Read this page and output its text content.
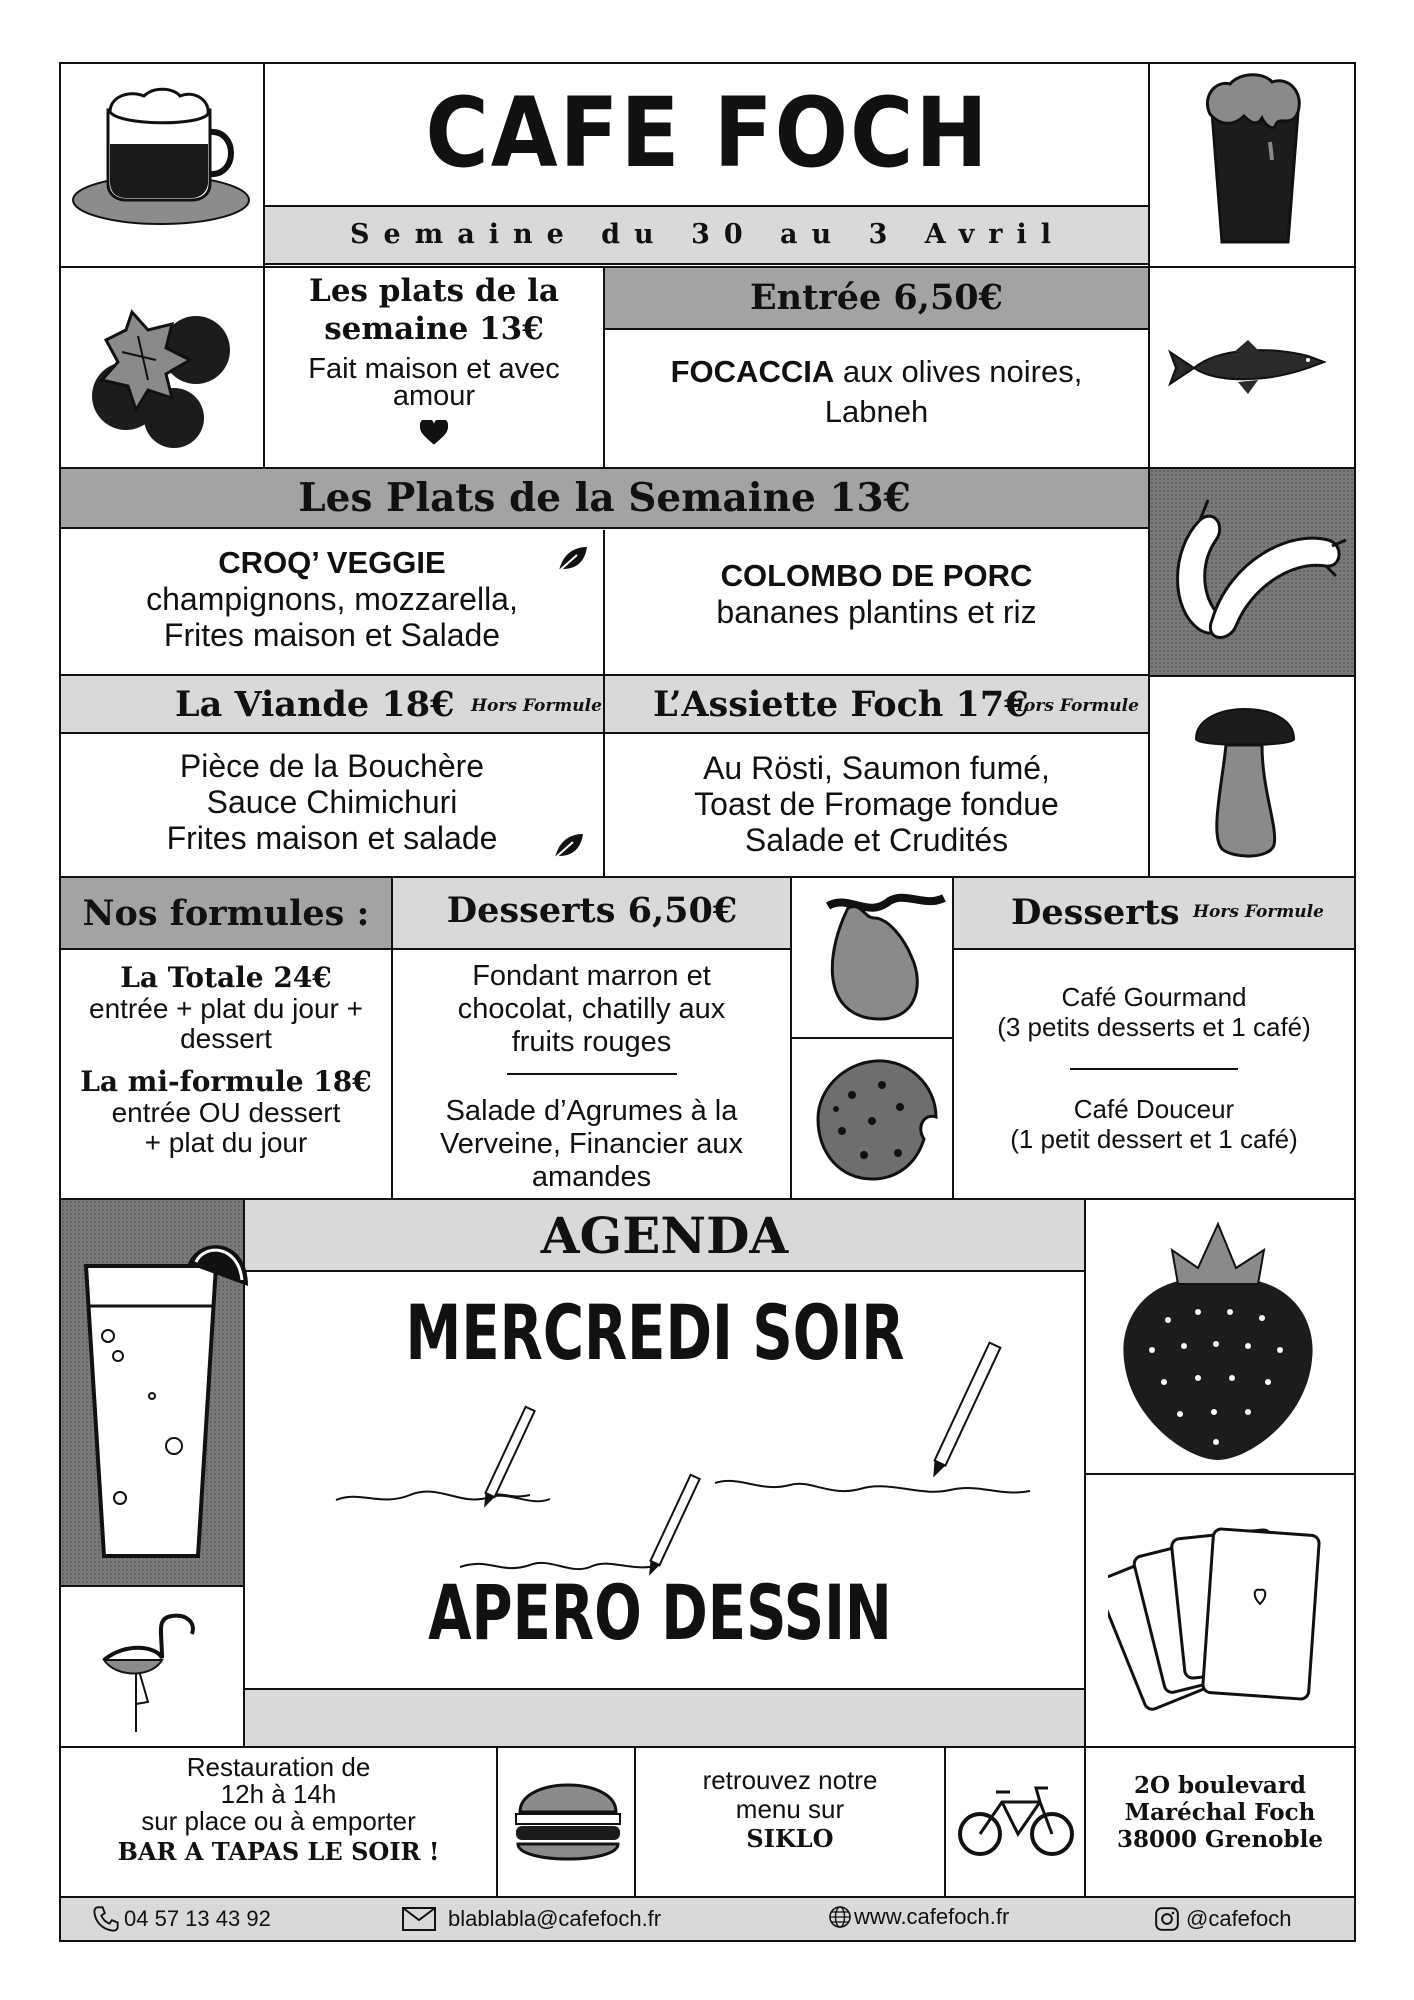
CAFE FOCH
Semaine du 30 au 3 Avril
Les plats de la semaine 13€
Fait maison et avec amour
Entrée 6,50€
FOCACCIA aux olives noires, Labneh
Les Plats de la Semaine 13€
CROQ’ VEGGIE
champignons, mozzarella,
Frites maison et Salade
COLOMBO DE PORC
bananes plantins et riz
La Viande 18€ Hors Formule L’Assiette Foch 17€
Hors Formule
Pièce de la Bouchère
Sauce Chimichuri
Frites maison et salade
Au Rösti, Saumon fumé,
Toast de Fromage fondue
Salade et Crudités
Nos formules :	Desserts 6,50€	Desserts Hors Formule
La Totale 24€
entrée + plat du jour +
dessert
La mi-formule 18€
entrée OU dessert
+ plat du jour
Fondant marron et
chocolat, chatilly aux
fruits rouges
Salade d’Agrumes à la
Verveine, Financier aux
amandes
Café Gourmand
(3 petits desserts et 1 café)
Café Douceur
(1 petit dessert et 1 café)
AGENDA
MERCREDI SOIR
APERO DESSIN
Restauration de
12h à 14h
sur place ou à emporter
BAR A TAPAS LE SOIR !
retrouvez notre
menu sur
SIKLO
2O boulevard
Maréchal Foch
38000 Grenoble
04 57 13 43 92	blablabla@cafefoch.fr	www.cafefoch.fr	@cafefoch
